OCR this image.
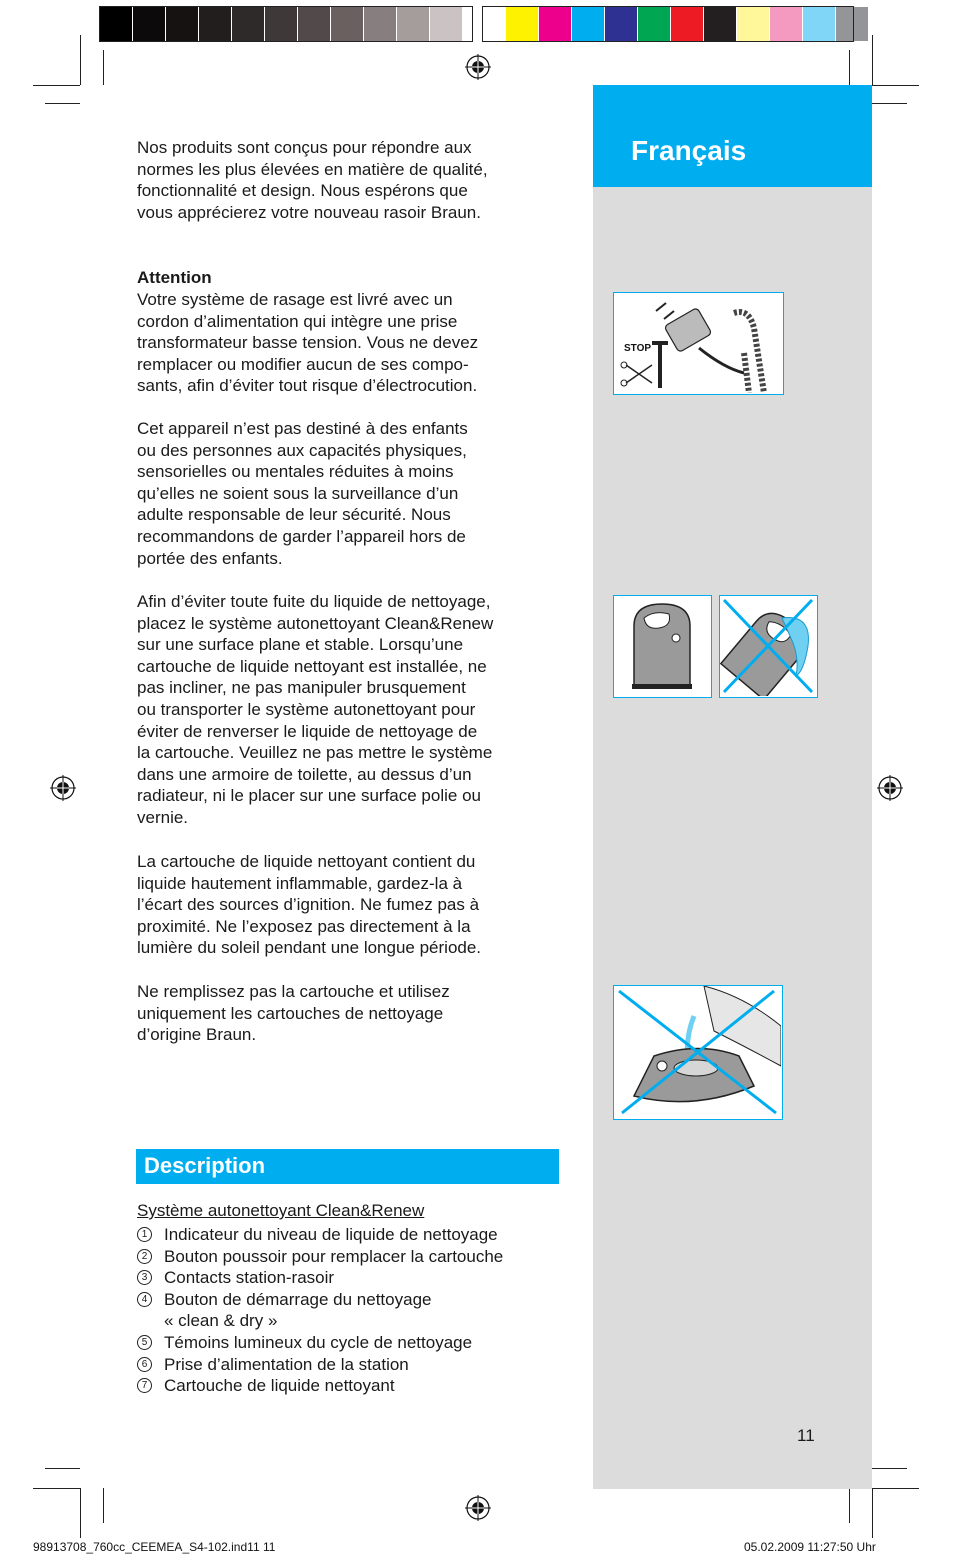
Français
STOP
Nos produits sont conçus pour répondre aux
normes les plus élevées en matière de qualité,
fonctionnalité et design. Nous espérons que
vous apprécierez votre nouveau rasoir Braun.
Attention
Votre système de rasage est livré avec un
cordon d’alimentation qui intègre une prise
transformateur basse tension. Vous ne devez
remplacer ou modifier aucun de ses compo-
sants, afin d’éviter tout risque d’électrocution.
Cet appareil n’est pas destiné à des enfants
ou des personnes aux capacités physiques,
sensorielles ou mentales réduites à moins
qu’elles ne soient sous la surveillance d’un
adulte responsable de leur sécurité. Nous
recommandons de garder l’appareil hors de
portée des enfants.
Afin d’éviter toute fuite du liquide de nettoyage,
placez le système autonettoyant Clean&Renew
sur une surface plane et stable. Lorsqu’une
cartouche de liquide nettoyant est installée, ne
pas incliner, ne pas manipuler brusquement
ou transporter le système autonettoyant pour
éviter de renverser le liquide de nettoyage de
la cartouche. Veuillez ne pas mettre le système
dans une armoire de toilette, au dessus d’un
radiateur, ni le placer sur une surface polie ou
vernie.
La cartouche de liquide nettoyant contient du
liquide hautement inflammable, gardez-la à
l’écart des sources d’ignition. Ne fumez pas à
proximité. Ne l’exposez pas directement à la
lumière du soleil pendant une longue période.
Ne remplissez pas la cartouche et utilisez
uniquement les cartouches de nettoyage
d’origine Braun.
Description
Système autonettoyant Clean&Renew
1 Indicateur du niveau de liquide de nettoyage
2 Bouton poussoir pour remplacer la cartouche
3 Contacts station-rasoir
4 Bouton de démarrage du nettoyage
« clean & dry »
5 Témoins lumineux du cycle de nettoyage
6 Prise d’alimentation de la station
7 Cartouche de liquide nettoyant
11
98913708_760cc_CEEMEA_S4-102.ind11 11	05.02.2009 11:27:50 Uhr
